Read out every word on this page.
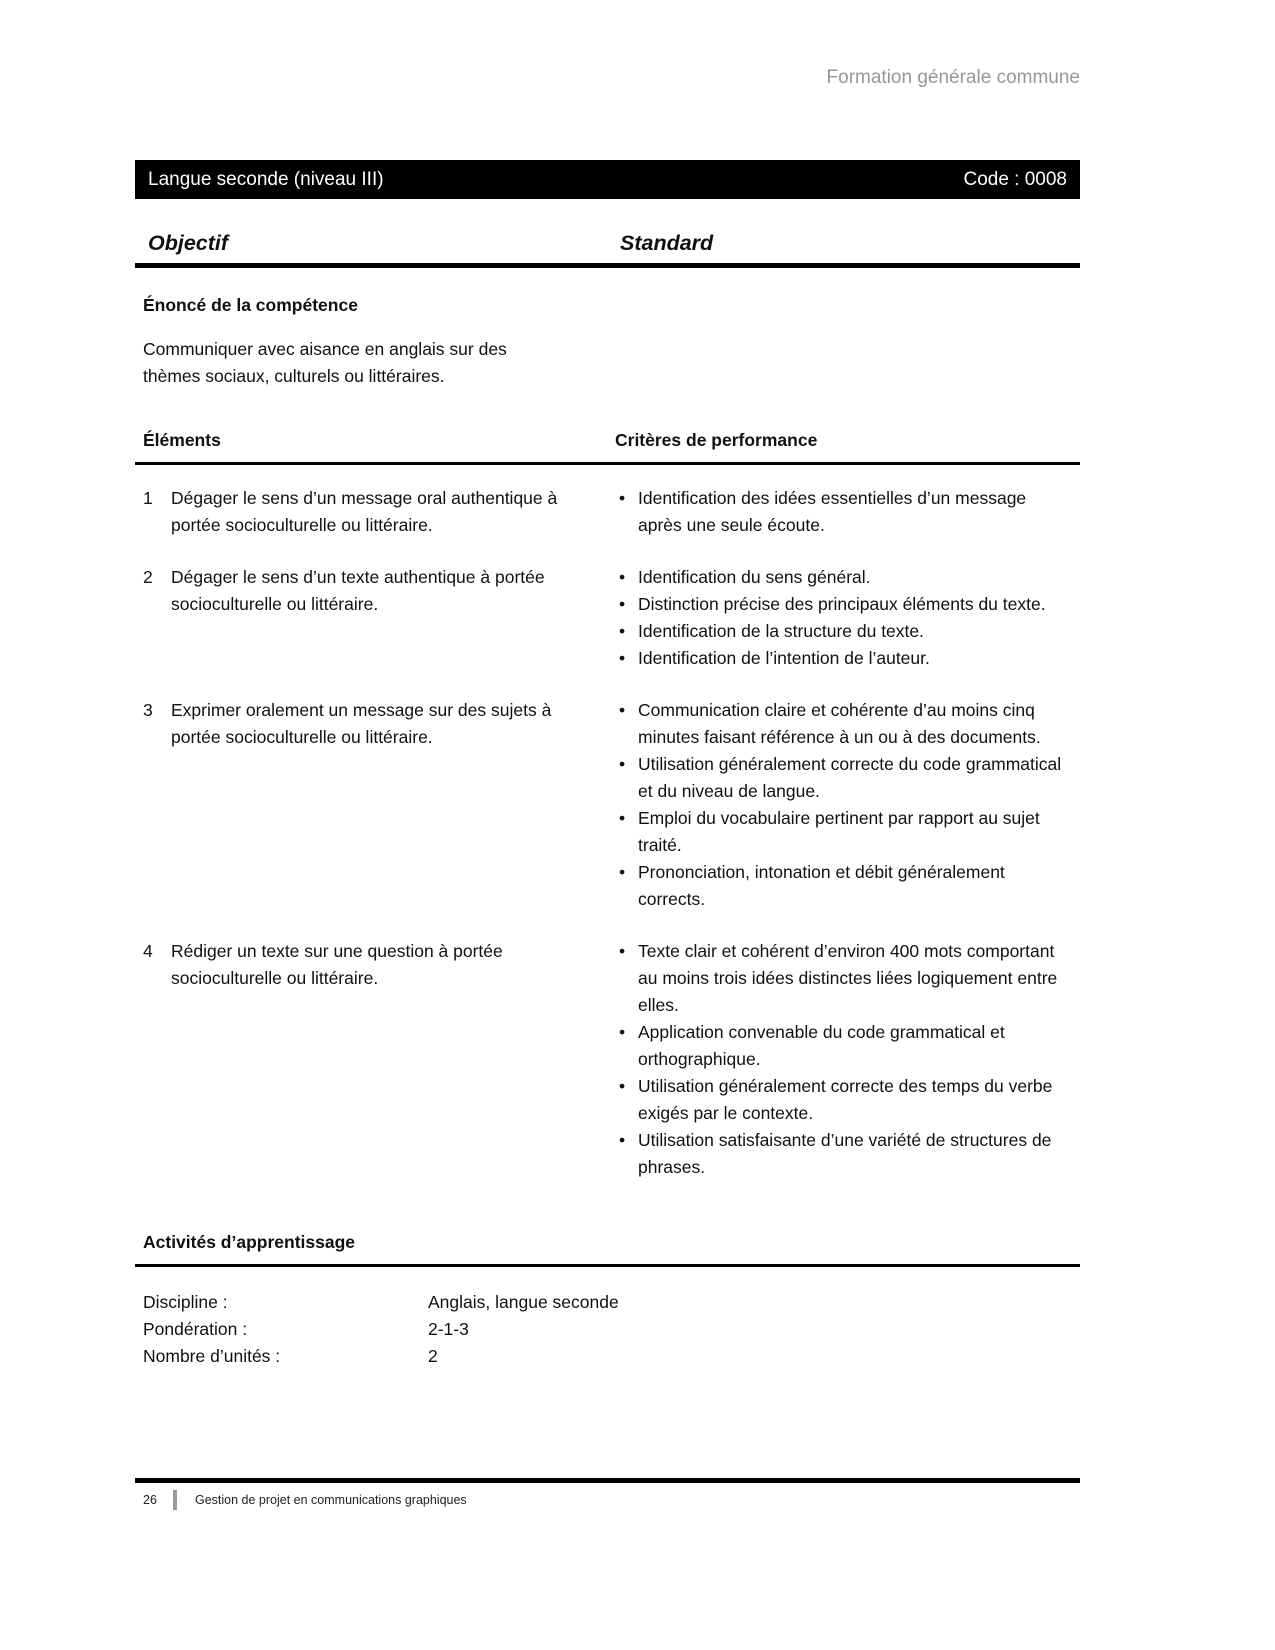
Formation générale commune
Langue seconde (niveau III)	Code : 0008
Objectif	Standard
Énoncé de la compétence

Communiquer avec aisance en anglais sur des thèmes sociaux, culturels ou littéraires.

Éléments	Critères de performance
1	Dégager le sens d’un message oral authentique à portée socioculturelle ou littéraire.
• Identification des idées essentielles d’un message après une seule écoute.
2	Dégager le sens d’un texte authentique à portée socioculturelle ou littéraire.
• Identification du sens général.
• Distinction précise des principaux éléments du texte.
• Identification de la structure du texte.
• Identification de l’intention de l’auteur.
3	Exprimer oralement un message sur des sujets à portée socioculturelle ou littéraire.
• Communication claire et cohérente d’au moins cinq minutes faisant référence à un ou à des documents.
• Utilisation généralement correcte du code grammatical et du niveau de langue.
• Emploi du vocabulaire pertinent par rapport au sujet traité.
• Prononciation, intonation et débit généralement corrects.
4	Rédiger un texte sur une question à portée socioculturelle ou littéraire.
• Texte clair et cohérent d’environ 400 mots comportant au moins trois idées distinctes liées logiquement entre elles.
• Application convenable du code grammatical et orthographique.
• Utilisation généralement correcte des temps du verbe exigés par le contexte.
• Utilisation satisfaisante d’une variété de structures de phrases.
Activités d’apprentissage
Discipline :	Anglais, langue seconde
Pondération :	2-1-3
Nombre d’unités :	2
26	Gestion de projet en communications graphiques
